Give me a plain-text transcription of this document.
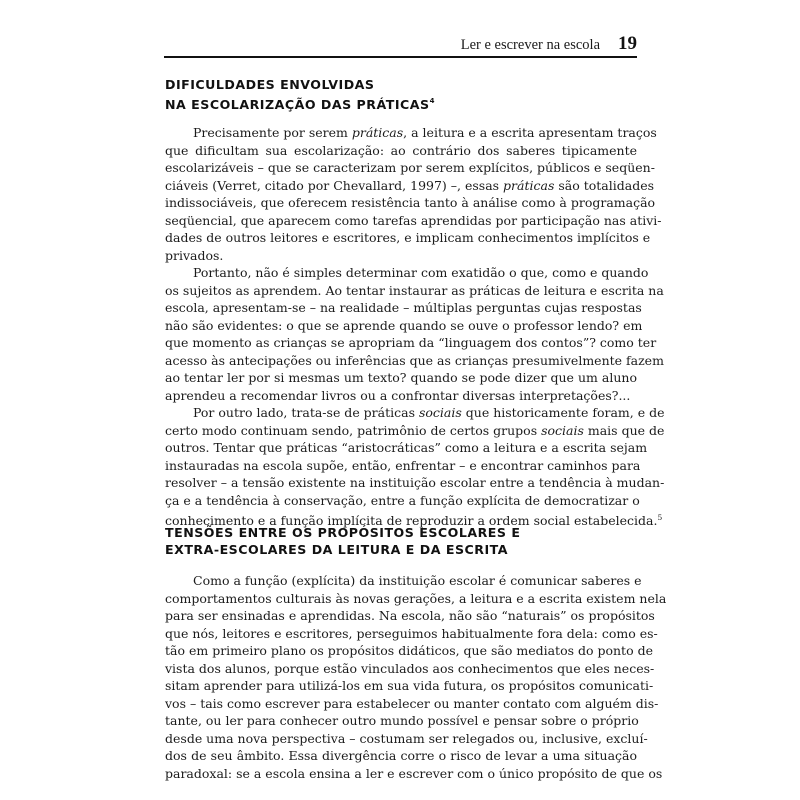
Ler e escrever na escola 19
DIFICULDADES ENVOLVIDAS
NA ESCOLARIZAÇÃO DAS PRÁTICAS$^4$

Precisamente por serem práticas, a leitura e a escrita apresentam traços
que dificultam sua escolarização: ao contrário dos saberes tipicamente
escolarizáveis – que se caracterizam por serem explícitos, públicos e seqüen-
ciáveis (Verret, citado por Chevallard, 1997) –, essas práticas são totalidades
indissociáveis, que oferecem resistência tanto à análise como à programação
seqüencial, que aparecem como tarefas aprendidas por participação nas ativi-
dades de outros leitores e escritores, e implicam conhecimentos implícitos e
privados.

Portanto, não é simples determinar com exatidão o que, como e quando
os sujeitos as aprendem. Ao tentar instaurar as práticas de leitura e escrita na
escola, apresentam-se – na realidade – múltiplas perguntas cujas respostas
não são evidentes: o que se aprende quando se ouve o professor lendo? em
que momento as crianças se apropriam da “linguagem dos contos”? como ter
acesso às antecipações ou inferências que as crianças presumivelmente fazem
ao tentar ler por si mesmas um texto? quando se pode dizer que um aluno
aprendeu a recomendar livros ou a confrontar diversas interpretações?...

Por outro lado, trata-se de práticas sociais que historicamente foram, e de
certo modo continuam sendo, patrimônio de certos grupos sociais mais que de
outros. Tentar que práticas “aristocráticas” como a leitura e a escrita sejam
instauradas na escola supõe, então, enfrentar – e encontrar caminhos para
resolver – a tensão existente na instituição escolar entre a tendência à mudan-
ça e a tendência à conservação, entre a função explícita de democratizar o
conhecimento e a função implícita de reproduzir a ordem social estabelecida.$^5$

TENSÕES ENTRE OS PROPÓSITOS ESCOLARES E
EXTRA-ESCOLARES DA LEITURA E DA ESCRITA

Como a função (explícita) da instituição escolar é comunicar saberes e
comportamentos culturais às novas gerações, a leitura e a escrita existem nela
para ser ensinadas e aprendidas. Na escola, não são “naturais” os propósitos
que nós, leitores e escritores, perseguimos habitualmente fora dela: como es-
tão em primeiro plano os propósitos didáticos, que são mediatos do ponto de
vista dos alunos, porque estão vinculados aos conhecimentos que eles neces-
sitam aprender para utilizá-los em sua vida futura, os propósitos comunicati-
vos – tais como escrever para estabelecer ou manter contato com alguém dis-
tante, ou ler para conhecer outro mundo possível e pensar sobre o próprio
desde uma nova perspectiva – costumam ser relegados ou, inclusive, excluí-
dos de seu âmbito. Essa divergência corre o risco de levar a uma situação
paradoxal: se a escola ensina a ler e escrever com o único propósito de que os
